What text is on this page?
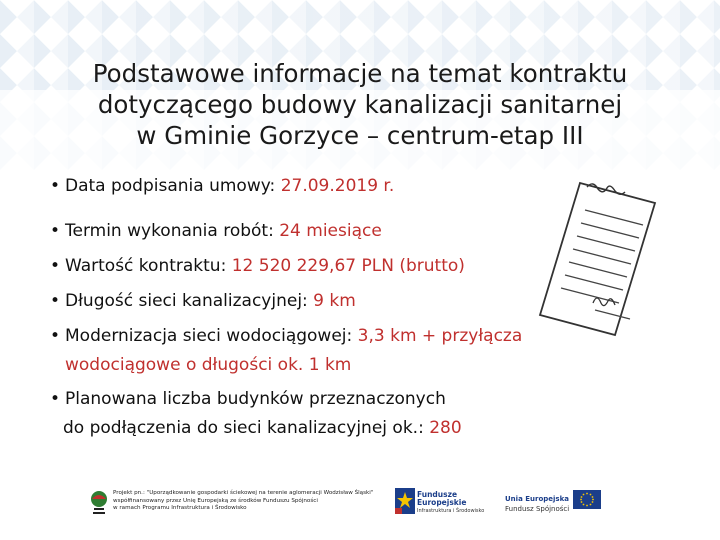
Podstawowe informacje na temat kontraktu
dotyczącego budowy kanalizacji sanitarnej
w Gminie Gorzyce – centrum-etap III
• Data podpisania umowy: 27.09.2019 r.
• Termin wykonania robót: 24 miesiące
• Wartość kontraktu: 12 520 229,67 PLN (brutto)
• Długość sieci kanalizacyjnej: 9 km
• Modernizacja sieci wodociągowej: 3,3 km + przyłącza
wodociągowe o długości ok. 1 km
• Planowana liczba budynków przeznaczonych
do podłączenia do sieci kanalizacyjnej ok.: 280
Projekt pn.: "Uporządkowanie gospodarki ściekowej na terenie aglomeracji Wodzisław Śląski"
współfinansowany przez Unię Europejską ze środków Funduszu Spójności
w ramach Programu Infrastruktura i Środowisko
Fundusze
Europejskie
Infrastruktura i Środowisko
Unia Europejska
Fundusz Spójności
